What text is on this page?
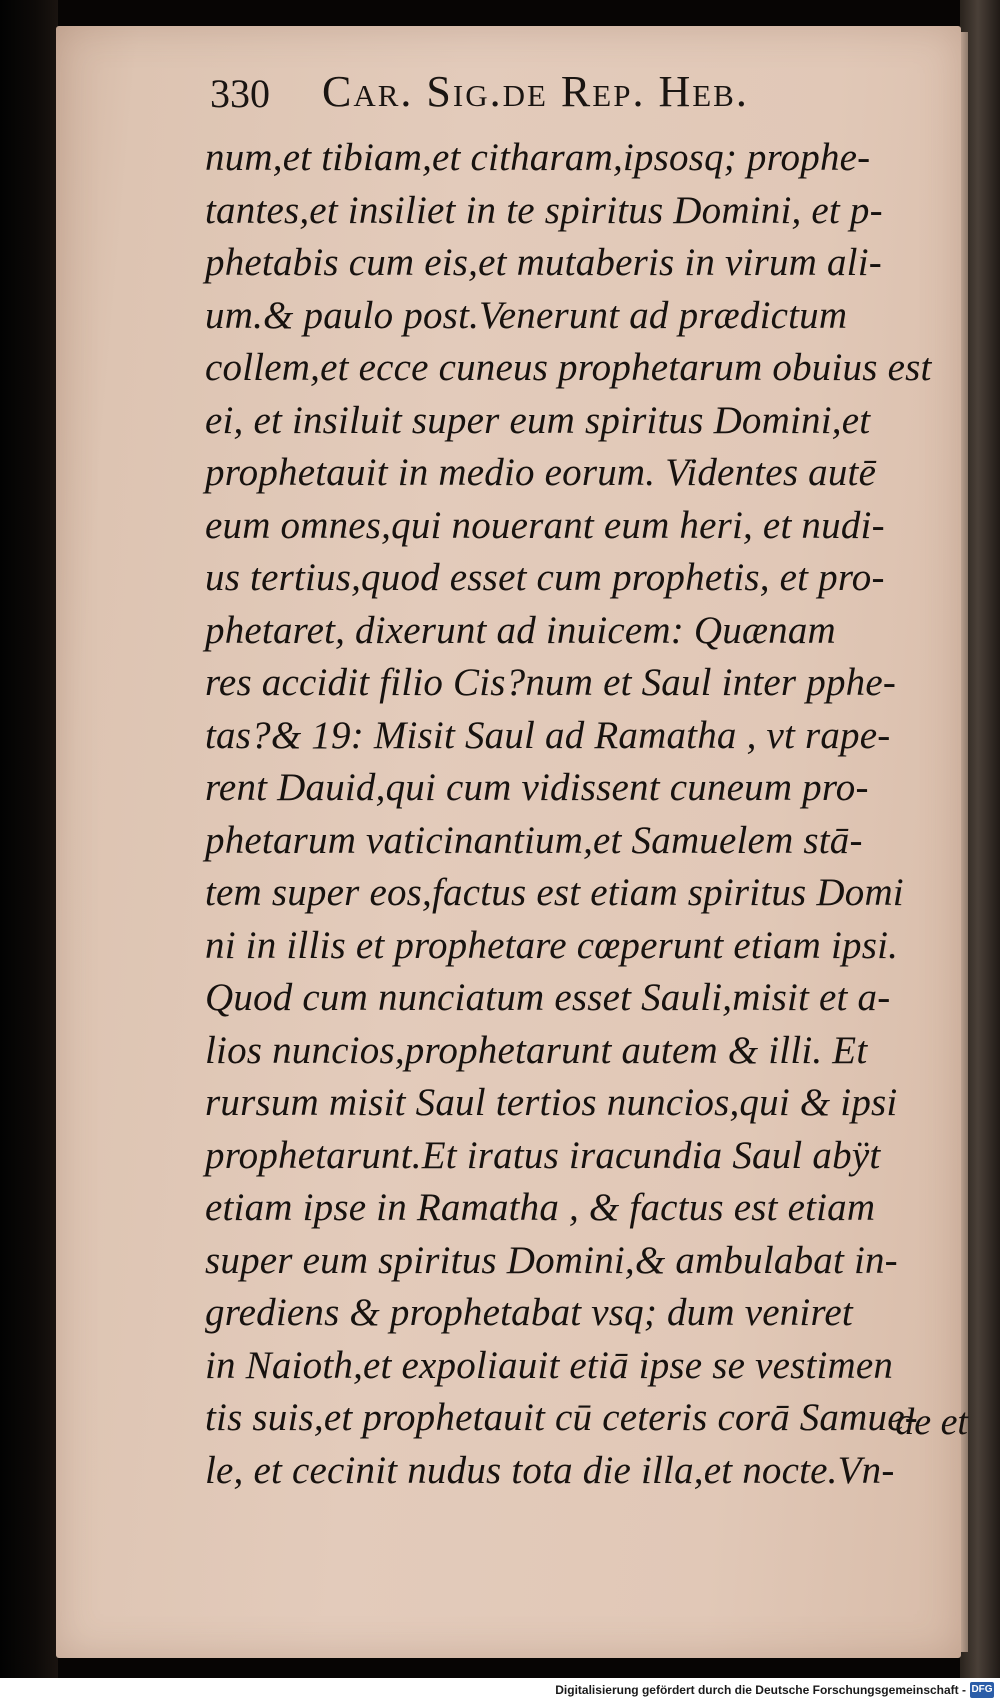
330 Car. Sig.de Rep. Heb.
num,et tibiam,et citharam,ipsosq; prophe-
tantes,et insiliet in te spiritus Domini, et p-
phetabis cum eis,et mutaberis in virum ali-
um.& paulo post.Venerunt ad prædictum
collem,et ecce cuneus prophetarum obuius est
ei, et insiluit super eum spiritus Domini,et
prophetauit in medio eorum. Videntes autē
eum omnes,qui nouerant eum heri, et nudi-
us tertius,quod esset cum prophetis, et pro-
phetaret, dixerunt ad inuicem: Quænam
res accidit filio Cis?num et Saul inter pphe-
tas?& 19: Misit Saul ad Ramatha , vt rape-
rent Dauid,qui cum vidissent cuneum pro-
phetarum vaticinantium,et Samuelem stā-
tem super eos,factus est etiam spiritus Domi
ni in illis et prophetare cœperunt etiam ipsi.
Quod cum nunciatum esset Sauli,misit et a-
lios nuncios,prophetarunt autem & illi. Et
rursum misit Saul tertios nuncios,qui & ipsi
prophetarunt.Et iratus iracundia Saul abÿt
etiam ipse in Ramatha , & factus est etiam
super eum spiritus Domini,& ambulabat in-
grediens & prophetabat vsq; dum veniret
in Naioth,et expoliauit etiā ipse se vestimen
tis suis,et prophetauit cū ceteris corā Samue-
le, et cecinit nudus tota die illa,et nocte.Vn-
de et
Digitalisierung gefördert durch die Deutsche Forschungsgemeinschaft - DFG
